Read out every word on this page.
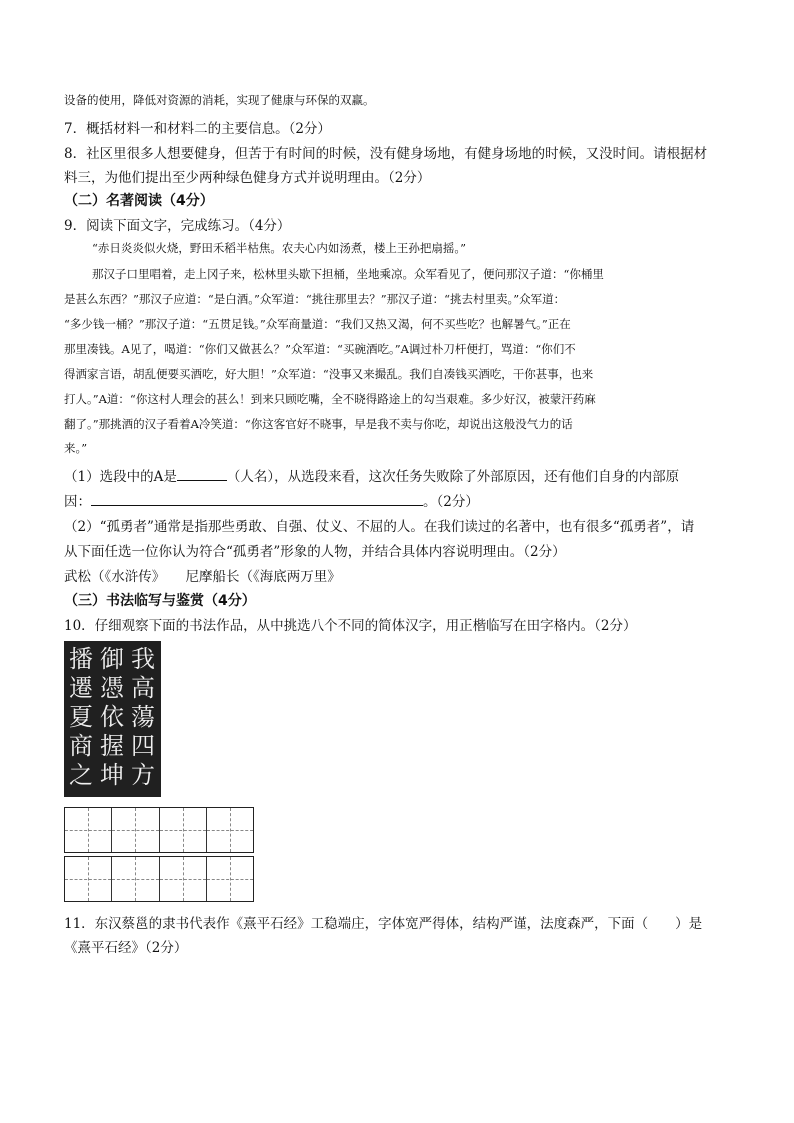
设备的使用，降低对资源的消耗，实现了健康与环保的双赢。
7．概括材料一和材料二的主要信息。（2分）
8．社区里很多人想要健身，但苦于有时间的时候，没有健身场地，有健身场地的时候，又没时间。请根据材
料三，为他们提出至少两种绿色健身方式并说明理由。（2分）
（二）名著阅读（4分）
9．阅读下面文字，完成练习。（4分）
“赤日炎炎似火烧，野田禾稻半枯焦。农夫心内如汤煮，楼上王孙把扇摇。”
那汉子口里唱着，走上冈子来，松林里头歇下担桶，坐地乘凉。众军看见了，便问那汉子道：“你桶里
是甚么东西？”那汉子应道：“是白酒。”众军道：“挑往那里去？”那汉子道：“挑去村里卖。”众军道：
“多少钱一桶？”那汉子道：“五贯足钱。”众军商量道：“我们又热又渴，何不买些吃？也解暑气。”正在
那里凑钱。A见了，喝道：“你们又做甚么？”众军道：“买碗酒吃。”A调过朴刀杆便打，骂道：“你们不
得洒家言语，胡乱便要买酒吃，好大胆！”众军道：“没事又来撮乱。我们自凑钱买酒吃，干你甚事，也来
打人。”A道：“你这村人理会的甚么！到来只顾吃嘴，全不晓得路途上的勾当艰难。多少好汉，被蒙汗药麻
翻了。”那挑酒的汉子看着A冷笑道：“你这客官好不晓事，早是我不卖与你吃，却说出这般没气力的话
来。”
（1）选段中的A是	（人名），从选段来看，这次任务失败除了外部原因，还有他们自身的内部原
因：	。（2分）
（2）“孤勇者”通常是指那些勇敢、自强、仗义、不屈的人。在我们读过的名著中，也有很多“孤勇者”，请
从下面任选一位你认为符合“孤勇者”形象的人物，并结合具体内容说明理由。（2分）
武松（《水浒传》　　尼摩船长（《海底两万里》
（三）书法临写与鉴赏（4分）
10．仔细观察下面的书法作品，从中挑选八个不同的简体汉字，用正楷临写在田字格内。（2分）
我高蕩四方
御憑依握坤
播遷夏商之
11．东汉蔡邕的隶书代表作《熹平石经》工稳端庄，字体宽严得体，结构严谨，法度森严，下面（　　）是
《熹平石经》（2分）
